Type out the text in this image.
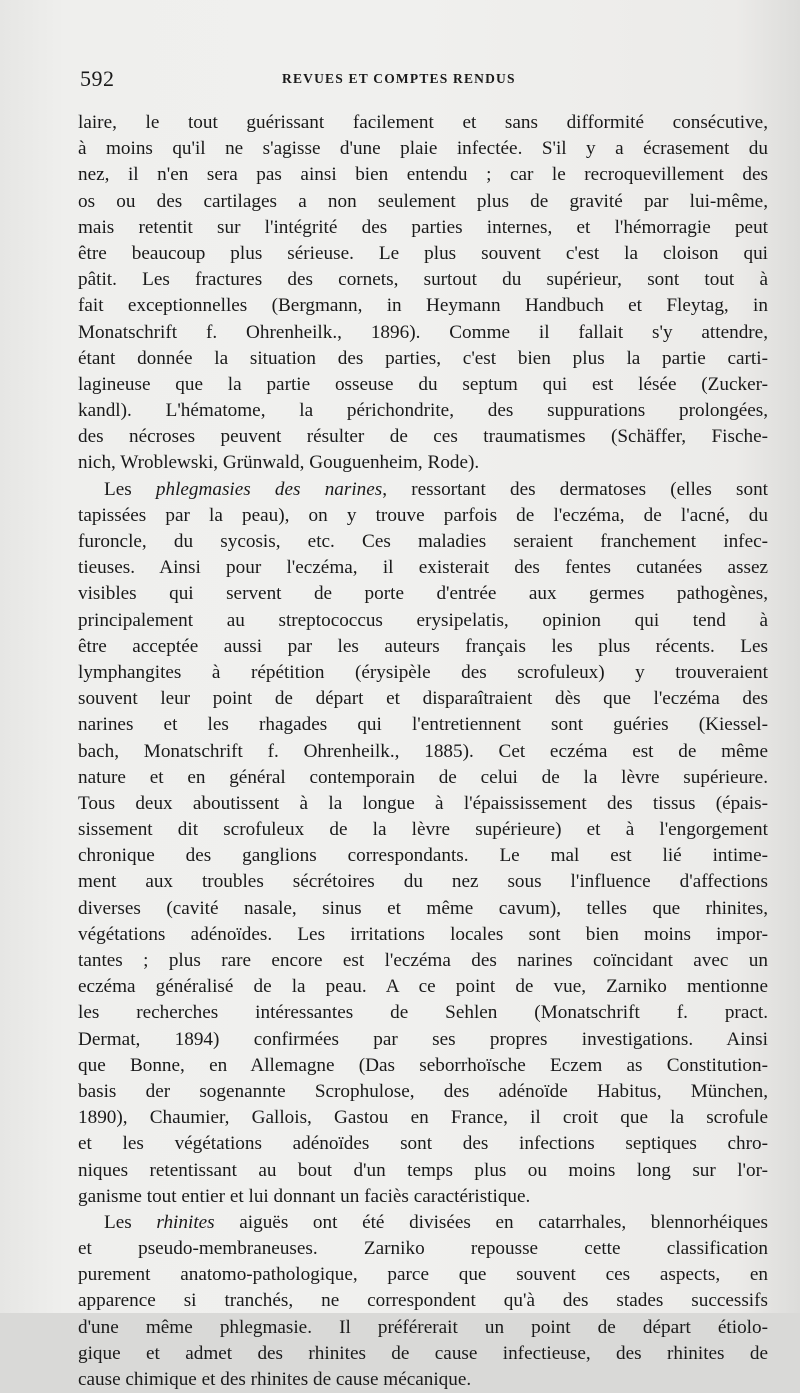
592	REVUES ET COMPTES RENDUS
laire, le tout guérissant facilement et sans difformité consécutive,
à moins qu'il ne s'agisse d'une plaie infectée. S'il y a écrasement du
nez, il n'en sera pas ainsi bien entendu ; car le recroquevillement des
os ou des cartilages a non seulement plus de gravité par lui-même,
mais retentit sur l'intégrité des parties internes, et l'hémorragie peut
être beaucoup plus sérieuse. Le plus souvent c'est la cloison qui
pâtit. Les fractures des cornets, surtout du supérieur, sont tout à
fait exceptionnelles (Bergmann, in Heymann Handbuch et Fleytag, in
Monatschrift f. Ohrenheilk., 1896). Comme il fallait s'y attendre,
étant donnée la situation des parties, c'est bien plus la partie carti-
lagineuse que la partie osseuse du septum qui est lésée (Zucker-
kandl). L'hématome, la périchondrite, des suppurations prolongées,
des nécroses peuvent résulter de ces traumatismes (Schäffer, Fische-
nich, Wroblewski, Grünwald, Gouguenheim, Rode).
Les phlegmasies des narines, ressortant des dermatoses (elles sont
tapissées par la peau), on y trouve parfois de l'eczéma, de l'acné, du
furoncle, du sycosis, etc. Ces maladies seraient franchement infec-
tieuses. Ainsi pour l'eczéma, il existerait des fentes cutanées assez
visibles qui servent de porte d'entrée aux germes pathogènes,
principalement au streptococcus erysipelatis, opinion qui tend à
être acceptée aussi par les auteurs français les plus récents. Les
lymphangites à répétition (érysipèle des scrofuleux) y trouveraient
souvent leur point de départ et disparaîtraient dès que l'eczéma des
narines et les rhagades qui l'entretiennent sont guéries (Kiessel-
bach, Monatschrift f. Ohrenheilk., 1885). Cet eczéma est de même
nature et en général contemporain de celui de la lèvre supérieure.
Tous deux aboutissent à la longue à l'épaississement des tissus (épais-
sissement dit scrofuleux de la lèvre supérieure) et à l'engorgement
chronique des ganglions correspondants. Le mal est lié intime-
ment aux troubles sécrétoires du nez sous l'influence d'affections
diverses (cavité nasale, sinus et même cavum), telles que rhinites,
végétations adénoïdes. Les irritations locales sont bien moins impor-
tantes ; plus rare encore est l'eczéma des narines coïncidant avec un
eczéma généralisé de la peau. A ce point de vue, Zarniko mentionne
les recherches intéressantes de Sehlen (Monatschrift f. pract.
Dermat, 1894) confirmées par ses propres investigations. Ainsi
que Bonne, en Allemagne (Das seborrhoïsche Eczem as Constitution-
basis der sogenannte Scrophulose, des adénoïde Habitus, München,
1890), Chaumier, Gallois, Gastou en France, il croit que la scrofule
et les végétations adénoïdes sont des infections septiques chro-
niques retentissant au bout d'un temps plus ou moins long sur l'or-
ganisme tout entier et lui donnant un faciès caractéristique.
Les rhinites aiguës ont été divisées en catarrhales, blennorhéiques
et pseudo-membraneuses. Zarniko repousse cette classification
purement anatomo-pathologique, parce que souvent ces aspects, en
apparence si tranchés, ne correspondent qu'à des stades successifs
d'une même phlegmasie. Il préférerait un point de départ étiolo-
gique et admet des rhinites de cause infectieuse, des rhinites de
cause chimique et des rhinites de cause mécanique.
